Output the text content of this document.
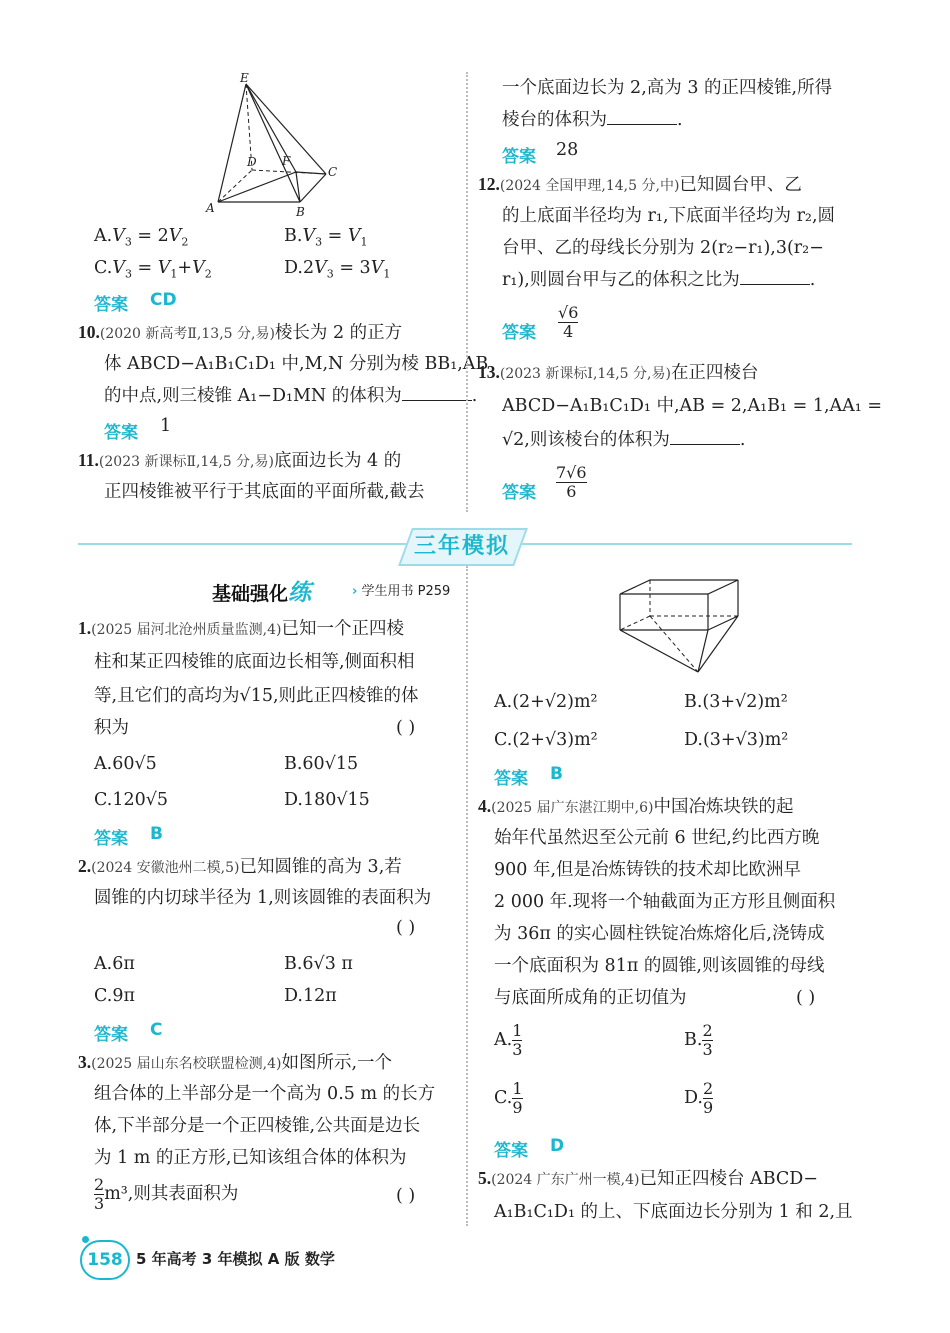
E
D F
C
A	B
$A.V_3 = 2V_2$	$B.V_3 = V_1$
$C.V_3 = V_1+V_2$	$D.2V_3 = 3V_1$
答案 CD
10.(2020 新高考Ⅱ,13,5 分,易)棱长为 2 的正方
体 ABCD−A₁B₁C₁D₁ 中,M,N 分别为棱 BB₁,AB
的中点,则三棱锥 A₁−D₁MN 的体积为	.
答案 1
11.(2023 新课标Ⅱ,14,5 分,易)底面边长为 4 的
正四棱锥被平行于其底面的平面所截,截去
一个底面边长为 2,高为 3 的正四棱锥,所得
棱台的体积为	.
答案 28
12.(2024 全国甲理,14,5 分,中)已知圆台甲、乙
的上底面半径均为 r₁,下底面半径均为 r₂,圆
台甲、乙的母线长分别为 2(r₂−r₁),3(r₂−
r₁),则圆台甲与乙的体积之比为	.
答案 $\frac{√6}{4}$
13.(2023 新课标Ⅰ,14,5 分,易)在正四棱台
ABCD−A₁B₁C₁D₁ 中,AB = 2,A₁B₁ = 1,AA₁ =
√2,则该棱台的体积为	.
答案 $\frac{7√6}{6}$
三年模拟
基础强化练	› 学生用书 P259
1.(2025 届河北沧州质量监测,4)已知一个正四棱
柱和某正四棱锥的底面边长相等,侧面积相
等,且它们的高均为√15,则此正四棱锥的体
积为	( )
A.60√5	B.60√15
C.120√5	D.180√15
答案 B
2.(2024 安徽池州二模,5)已知圆锥的高为 3,若
圆锥的内切球半径为 1,则该圆锥的表面积为
( )
A.6π	B.6√3 π
C.9π	D.12π
答案 C
3.(2025 届山东名校联盟检测,4)如图所示,一个
组合体的上半部分是一个高为 0.5 m 的长方
体,下半部分是一个正四棱锥,公共面是边长
为 1 m 的正方形,已知该组合体的体积为
$\frac{2}{3} m^3$,则其表面积为	( )
A.(2+√2)m²	B.(3+√2)m²
C.(2+√3)m²	D.(3+√3)m²
答案 B
4.(2025 届广东湛江期中,6)中国冶炼块铁的起
始年代虽然迟至公元前 6 世纪,约比西方晚
900 年,但是冶炼铸铁的技术却比欧洲早
2 000 年.现将一个轴截面为正方形且侧面积
为 36π 的实心圆柱铁锭冶炼熔化后,浇铸成
一个底面积为 81π 的圆锥,则该圆锥的母线
与底面所成角的正切值为	( )
A. $\frac{1}{3}$	B. $\frac{2}{3}$
C. $\frac{1}{9}$	D. $\frac{2}{9}$
答案 D
5.(2024 广东广州一模,4)已知正四棱台 ABCD−
A₁B₁C₁D₁ 的上、下底面边长分别为 1 和 2,且
158 5 年高考 3 年模拟 A 版 数学
